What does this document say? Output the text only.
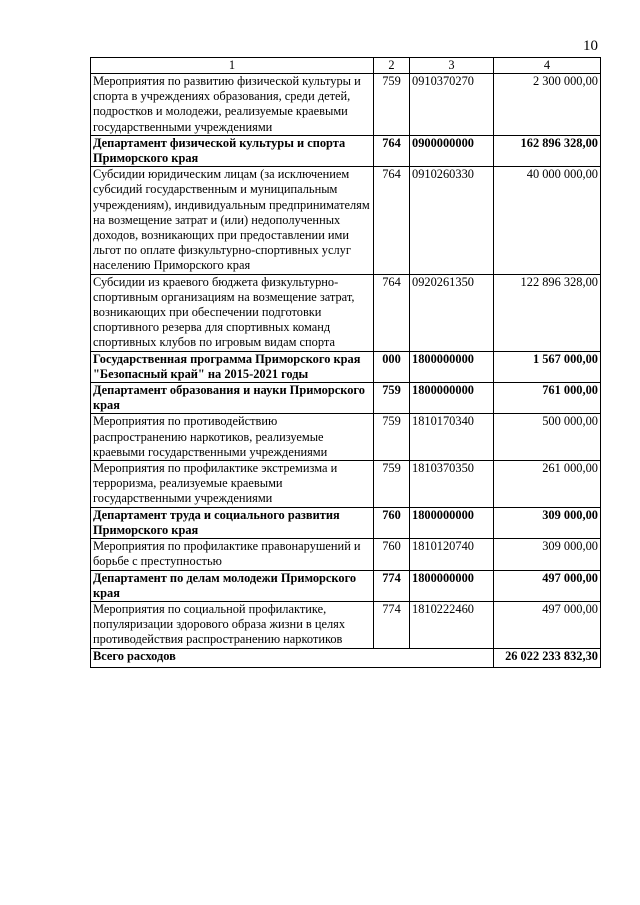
10
1	2	3	4
Мероприятия по развитию физической культуры и спорта в учреждениях образования, среди детей, подростков и молодежи, реализуемые краевыми государственными учреждениями	759	0910370270	2 300 000,00
Департамент физической культуры и спорта Приморского края	764	0900000000	162 896 328,00
Субсидии юридическим лицам (за исключением субсидий государственным и муниципальным учреждениям), индивидуальным предпринимателям на возмещение затрат и (или) недополученных доходов, возникающих при предоставлении ими льгот по оплате физкультурно-спортивных услуг населению Приморского края	764	0910260330	40 000 000,00
Субсидии из краевого бюджета физкультурно-спортивным организациям на возмещение затрат, возникающих при обеспечении подготовки спортивного резерва для спортивных команд спортивных клубов по игровым видам спорта	764	0920261350	122 896 328,00
Государственная программа Приморского края "Безопасный край" на 2015-2021 годы	000	1800000000	1 567 000,00
Департамент образования и науки Приморского края	759	1800000000	761 000,00
Мероприятия по противодействию распространению наркотиков, реализуемые краевыми государственными учреждениями	759	1810170340	500 000,00
Мероприятия по профилактике экстремизма и терроризма, реализуемые краевыми государственными учреждениями	759	1810370350	261 000,00
Департамент труда и социального развития Приморского края	760	1800000000	309 000,00
Мероприятия по профилактике правонарушений и борьбе с преступностью	760	1810120740	309 000,00
Департамент по делам молодежи Приморского края	774	1800000000	497 000,00
Мероприятия по социальной профилактике, популяризации здорового образа жизни в целях противодействия распространению наркотиков	774	1810222460	497 000,00
Всего расходов			26 022 233 832,30
